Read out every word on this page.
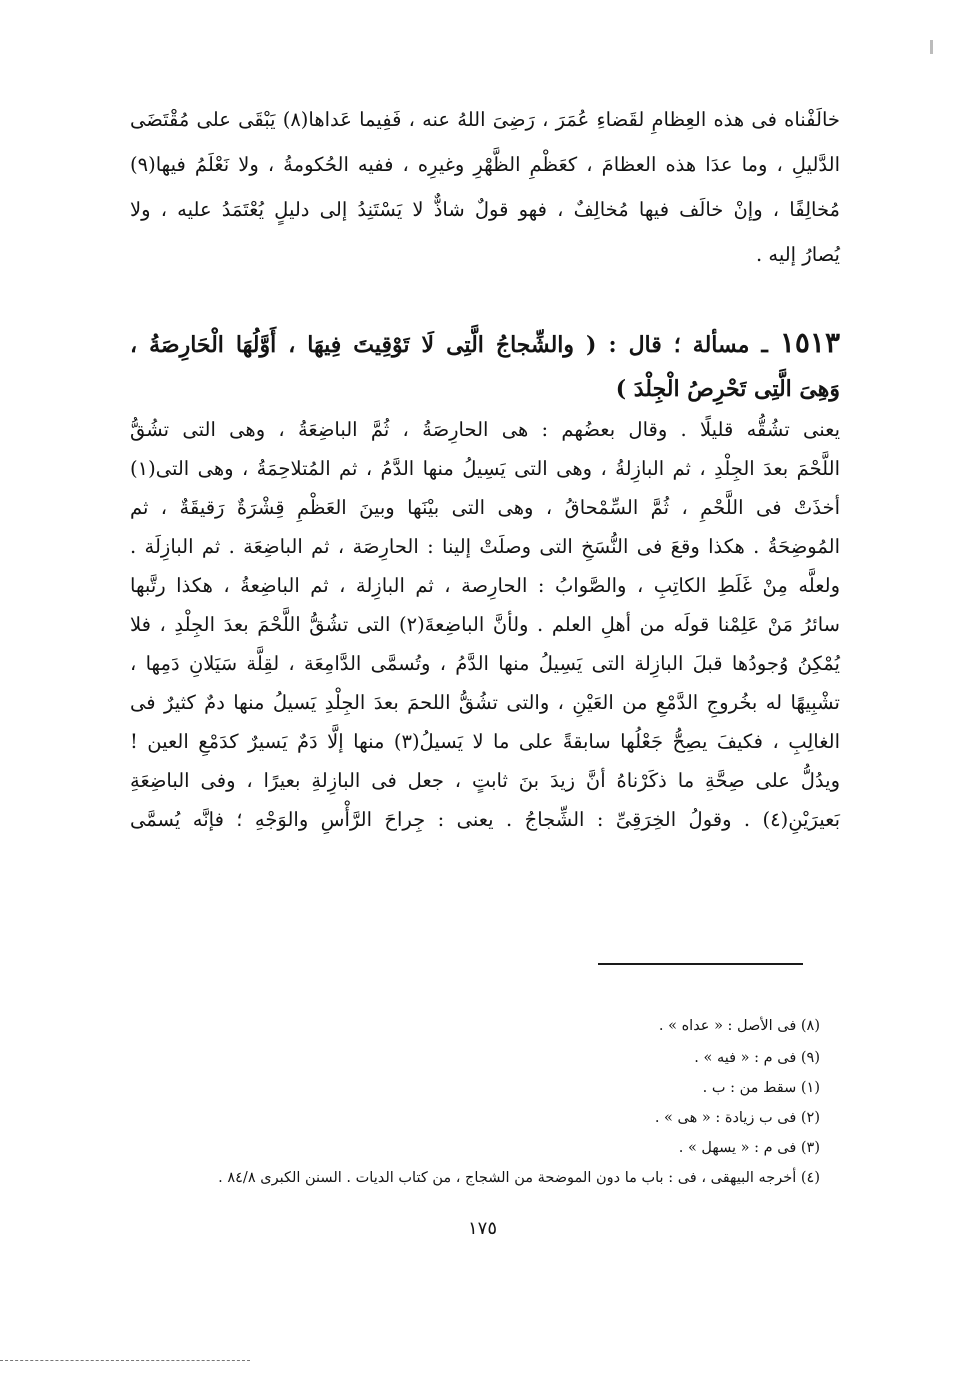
خالَفْناه فى هذه العِظامِ لقَضاءِ عُمَرَ ، رَضِىَ اللهُ عنه ، فَفِيما عَداها(٨) يَبْقَى على مُقْتَضَى
الدَّليلِ ، وما عدَا هذه العظامَ ، كعَظْمِ الظَّهْرِ وغيرِه ، ففيه الحُكومةُ ، ولا نَعْلَمُ فيها(٩)
مُخالِفًا ، وإنْ خالَف فيها مُخالِفٌ ، فهو قولٌ شاذٌّ لا يَسْتَنِدُ إلى دليلٍ يُعْتَمَدُ عليه ، ولا
يُصارُ إليه .
١٥١٣ ـ مسألة ؛ قال : ( والشِّجاجُ الَّتِى لَا تَوْقِيتَ فِيهَا ، أَوَّلُهَا الْحَارِصَةُ ،
وَهِىَ الَّتِى تَحْرِصُ الْجِلْدَ )
يعنى تشُقُّه قليلًا . وقال بعضُهم : هى الحارِصَةُ ، ثُمَّ الباضِعَةُ ، وهى التى تشُقُّ
اللَّحْمَ بعدَ الجِلْدِ ، ثم البازِلةُ ، وهى التى يَسِيلُ منها الدَّمُ ، ثم المُتلاحِمَةُ ، وهى التى(١)
أخذَتْ فى اللَّحْمِ ، ثُمَّ السِّمْحاقُ ، وهى التى بيْنَها وبينَ العَظْمِ قِشْرَةٌ رَقيقَةٌ ، ثم
المُوضِحَةُ . هكذا وقعَ فى النُّسَخِ التى وصلَتْ إلينا : الحارِصَة ، ثم الباضِعَة . ثم البازِلَة .
ولعلَّه مِنْ غَلَطِ الكاتِبِ ، والصَّوابُ : الحارِصة ، ثم البازِلة ، ثم الباضِعةُ ، هكذا رتَّبها
سائرُ مَنْ عَلِمْنا قولَه من أهلِ العلم . ولأنَّ الباضِعةَ(٢) التى تشُقُّ اللَّحْمَ بعدَ الجِلْدِ ، فلا
يُمْكِنُ وُجودُها قبلَ البازِلة التى يَسِيلُ منها الدَّمُ ، وتُسمَّى الدَّامِعَة ، لقِلَّة سَيَلانِ دَمِها ،
تشْبِيهًا له بخُروجِ الدَّمْعِ من العَيْنِ ، والتى تشُقُّ اللحمَ بعدَ الجِلْدِ يَسيلُ منها دمٌ كثيرٌ فى
الغالِبِ ، فكيفَ يصِحُّ جَعْلُها سابقةً على ما لا يَسيلُ(٣) منها إلَّا دَمٌ يَسيرٌ كدَمْعِ العين !
ويدُلُّ على صِحَّةِ ما ذكَرْناهُ أنَّ زيدَ بنَ ثابتٍ ، جعل فى البازِلةِ بعيرًا ، وفى الباضِعَةِ
بَعيرَيْنِ(٤) . وقولُ الخِرَقِىِّ : الشِّجاجُ . يعنى : جِراحَ الرَّأْسِ والوَجْهِ ؛ فإنَّه يُسمَّى
(٨) فى الأصل : « عداه » .
(٩) فى م : « فيه » .
(١) سقط من : ب .
(٢) فى ب زيادة : « هى » .
(٣) فى م : « يسهل » .
(٤) أخرجه البيهقى ، فى : باب ما دون الموضحة من الشجاج ، من كتاب الديات . السنن الكبرى ٨٤/٨ .
١٧٥
